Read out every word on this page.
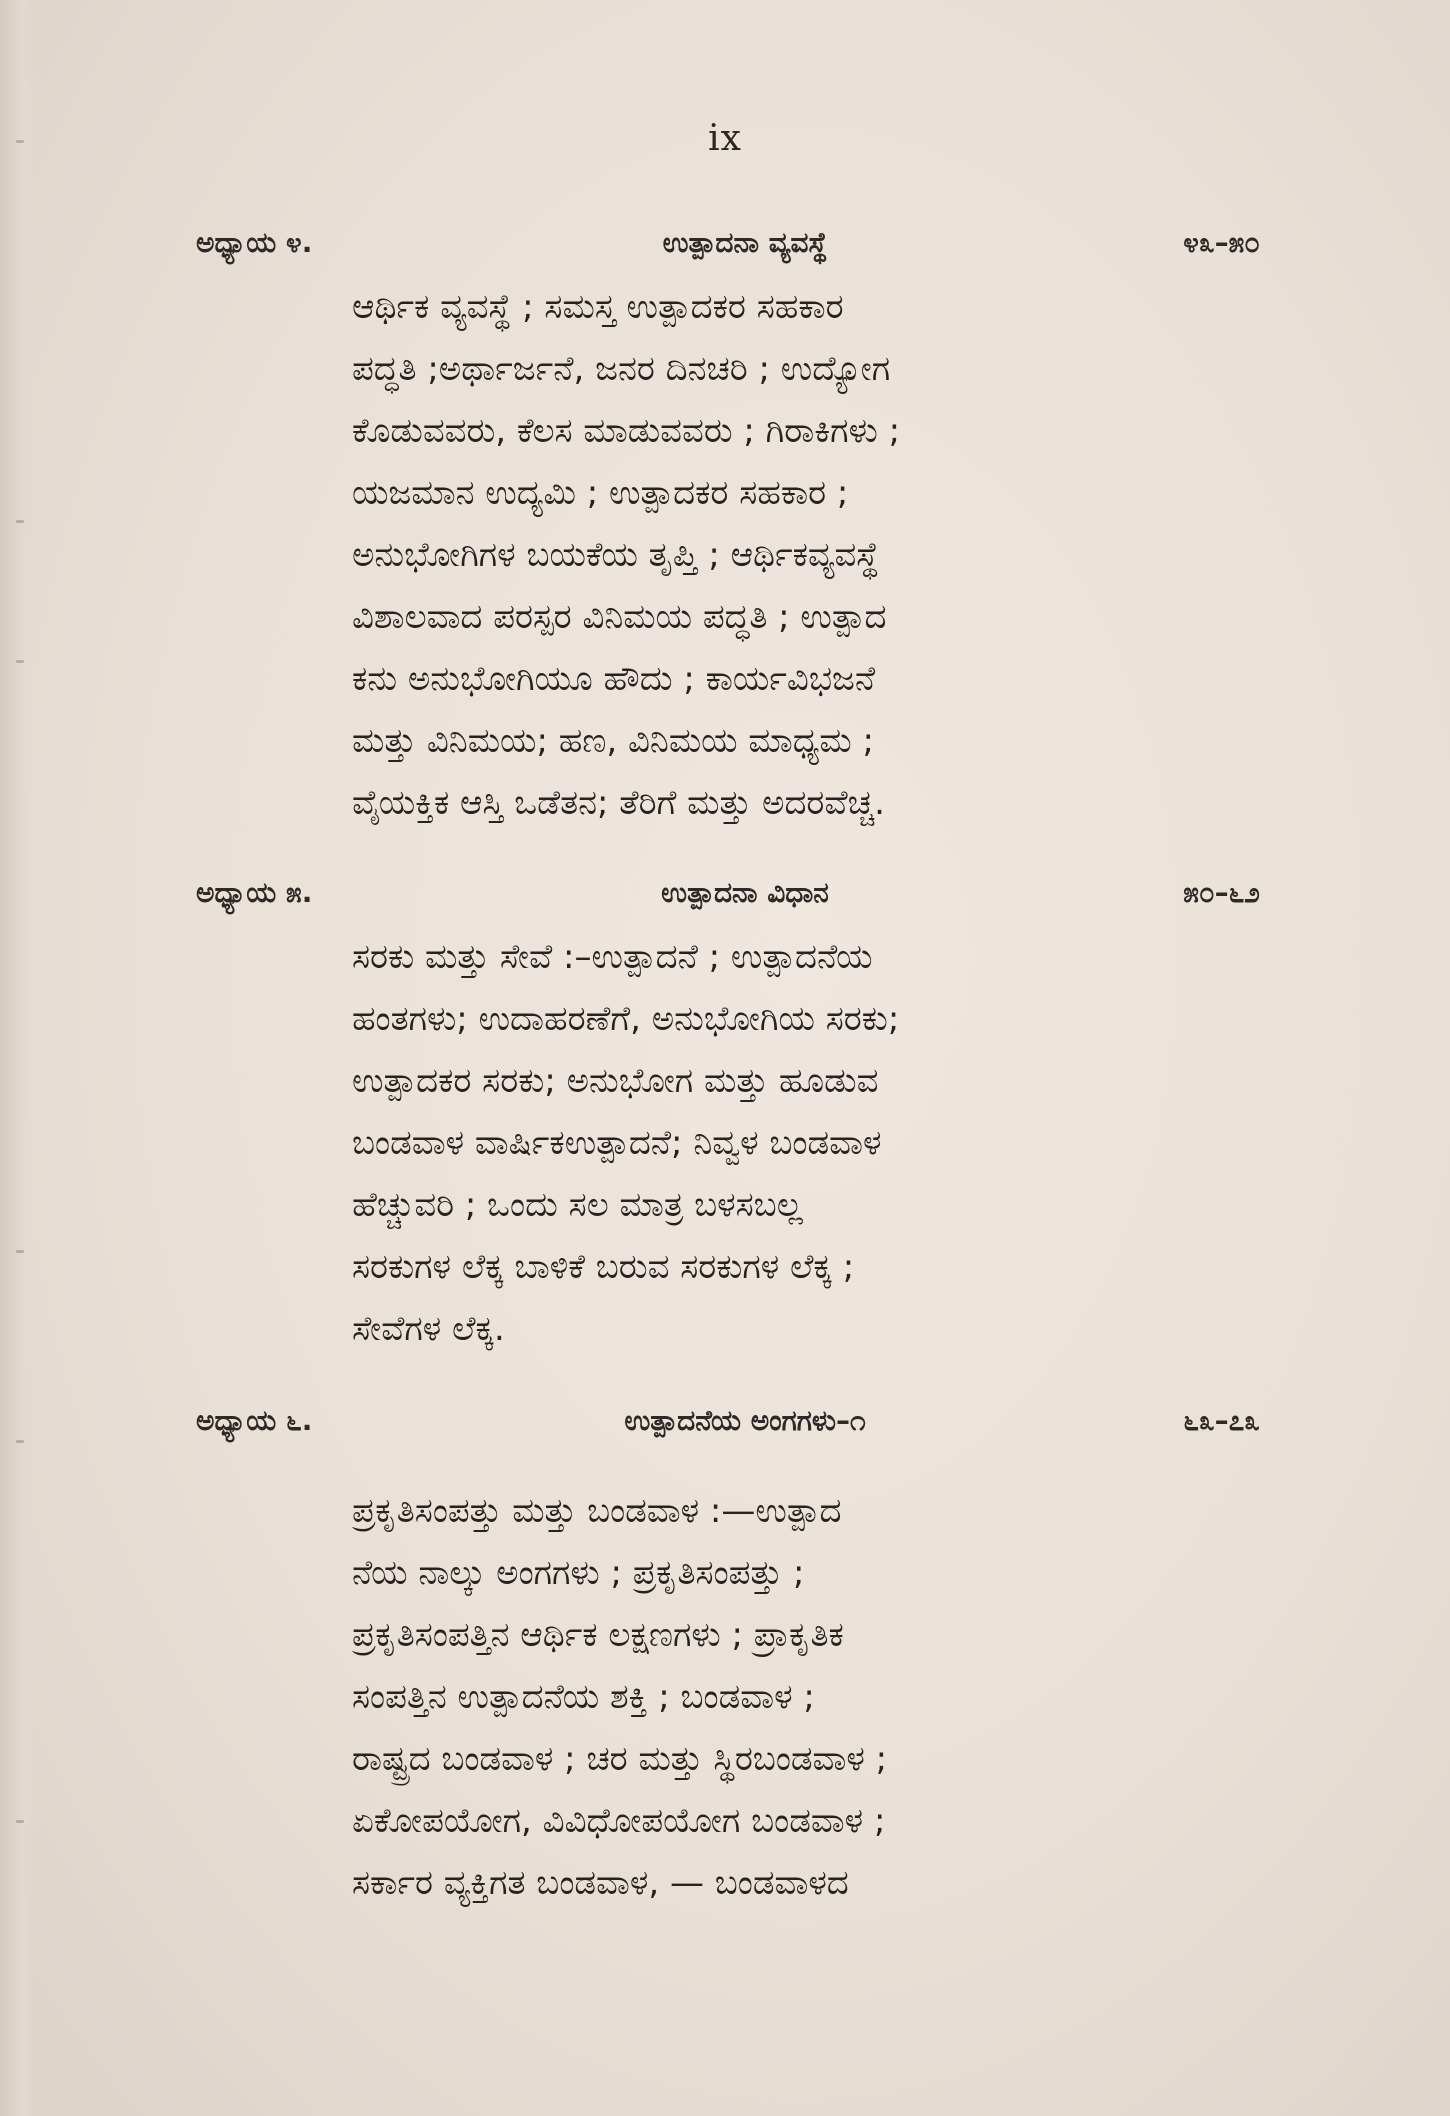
ix
ಅಧ್ಯಾಯ ೪.	ಉತ್ಪಾದನಾ ವ್ಯವಸ್ಥೆ	೪೩–೫೦
ಆರ್ಥಿಕ ವ್ಯವಸ್ಥೆ ; ಸಮಸ್ತ ಉತ್ಪಾದಕರ ಸಹಕಾರ
ಪದ್ಧತಿ ;ಅರ್ಥಾರ್ಜನೆ, ಜನರ ದಿನಚರಿ ; ಉದ್ಯೋಗ
ಕೊಡುವವರು, ಕೆಲಸ ಮಾಡುವವರು ; ಗಿರಾಕಿಗಳು ;
ಯಜಮಾನ ಉದ್ಯಮಿ ; ಉತ್ಪಾದಕರ ಸಹಕಾರ ;
ಅನುಭೋಗಿಗಳ ಬಯಕೆಯ ತೃಪ್ತಿ ; ಆರ್ಥಿಕವ್ಯವಸ್ಥೆ
ವಿಶಾಲವಾದ ಪರಸ್ಪರ ವಿನಿಮಯ ಪದ್ಧತಿ ; ಉತ್ಪಾದ
ಕನು ಅನುಭೋಗಿಯೂ ಹೌದು ; ಕಾರ್ಯವಿಭಜನೆ
ಮತ್ತು ವಿನಿಮಯ; ಹಣ, ವಿನಿಮಯ ಮಾಧ್ಯಮ ;
ವೈಯಕ್ತಿಕ ಆಸ್ತಿ ಒಡೆತನ; ತೆರಿಗೆ ಮತ್ತು ಅದರವೆಚ್ಚ.
ಅಧ್ಯಾಯ ೫.	ಉತ್ಪಾದನಾ ವಿಧಾನ	೫೦–೬೨
ಸರಕು ಮತ್ತು ಸೇವೆ :–ಉತ್ಪಾದನೆ ; ಉತ್ಪಾದನೆಯ
ಹಂತಗಳು; ಉದಾಹರಣೆಗೆ, ಅನುಭೋಗಿಯ ಸರಕು;
ಉತ್ಪಾದಕರ ಸರಕು; ಅನುಭೋಗ ಮತ್ತು ಹೂಡುವ
ಬಂಡವಾಳ ವಾರ್ಷಿಕಉತ್ಪಾದನೆ; ನಿವ್ವಳ ಬಂಡವಾಳ
ಹೆಚ್ಚುವರಿ ; ಒಂದು ಸಲ ಮಾತ್ರ ಬಳಸಬಲ್ಲ
ಸರಕುಗಳ ಲೆಕ್ಕ ಬಾಳಿಕೆ ಬರುವ ಸರಕುಗಳ ಲೆಕ್ಕ ;
ಸೇವೆಗಳ ಲೆಕ್ಕ.
ಅಧ್ಯಾಯ ೬.	ಉತ್ಪಾದನೆಯ ಅಂಗಗಳು–೧	೬೩–೭೩
ಪ್ರಕೃತಿಸಂಪತ್ತು ಮತ್ತು ಬಂಡವಾಳ :—ಉತ್ಪಾದ
ನೆಯ ನಾಲ್ಕು ಅಂಗಗಳು ; ಪ್ರಕೃತಿಸಂಪತ್ತು ;
ಪ್ರಕೃತಿಸಂಪತ್ತಿನ ಆರ್ಥಿಕ ಲಕ್ಷಣಗಳು ; ಪ್ರಾಕೃತಿಕ
ಸಂಪತ್ತಿನ ಉತ್ಪಾದನೆಯ ಶಕ್ತಿ ; ಬಂಡವಾಳ ;
ರಾಷ್ಟ್ರದ ಬಂಡವಾಳ ; ಚರ ಮತ್ತು ಸ್ಥಿರಬಂಡವಾಳ ;
ಏಕೋಪಯೋಗ, ವಿವಿಧೋಪಯೋಗ ಬಂಡವಾಳ ;
ಸರ್ಕಾರ ವ್ಯಕ್ತಿಗತ ಬಂಡವಾಳ, — ಬಂಡವಾಳದ
